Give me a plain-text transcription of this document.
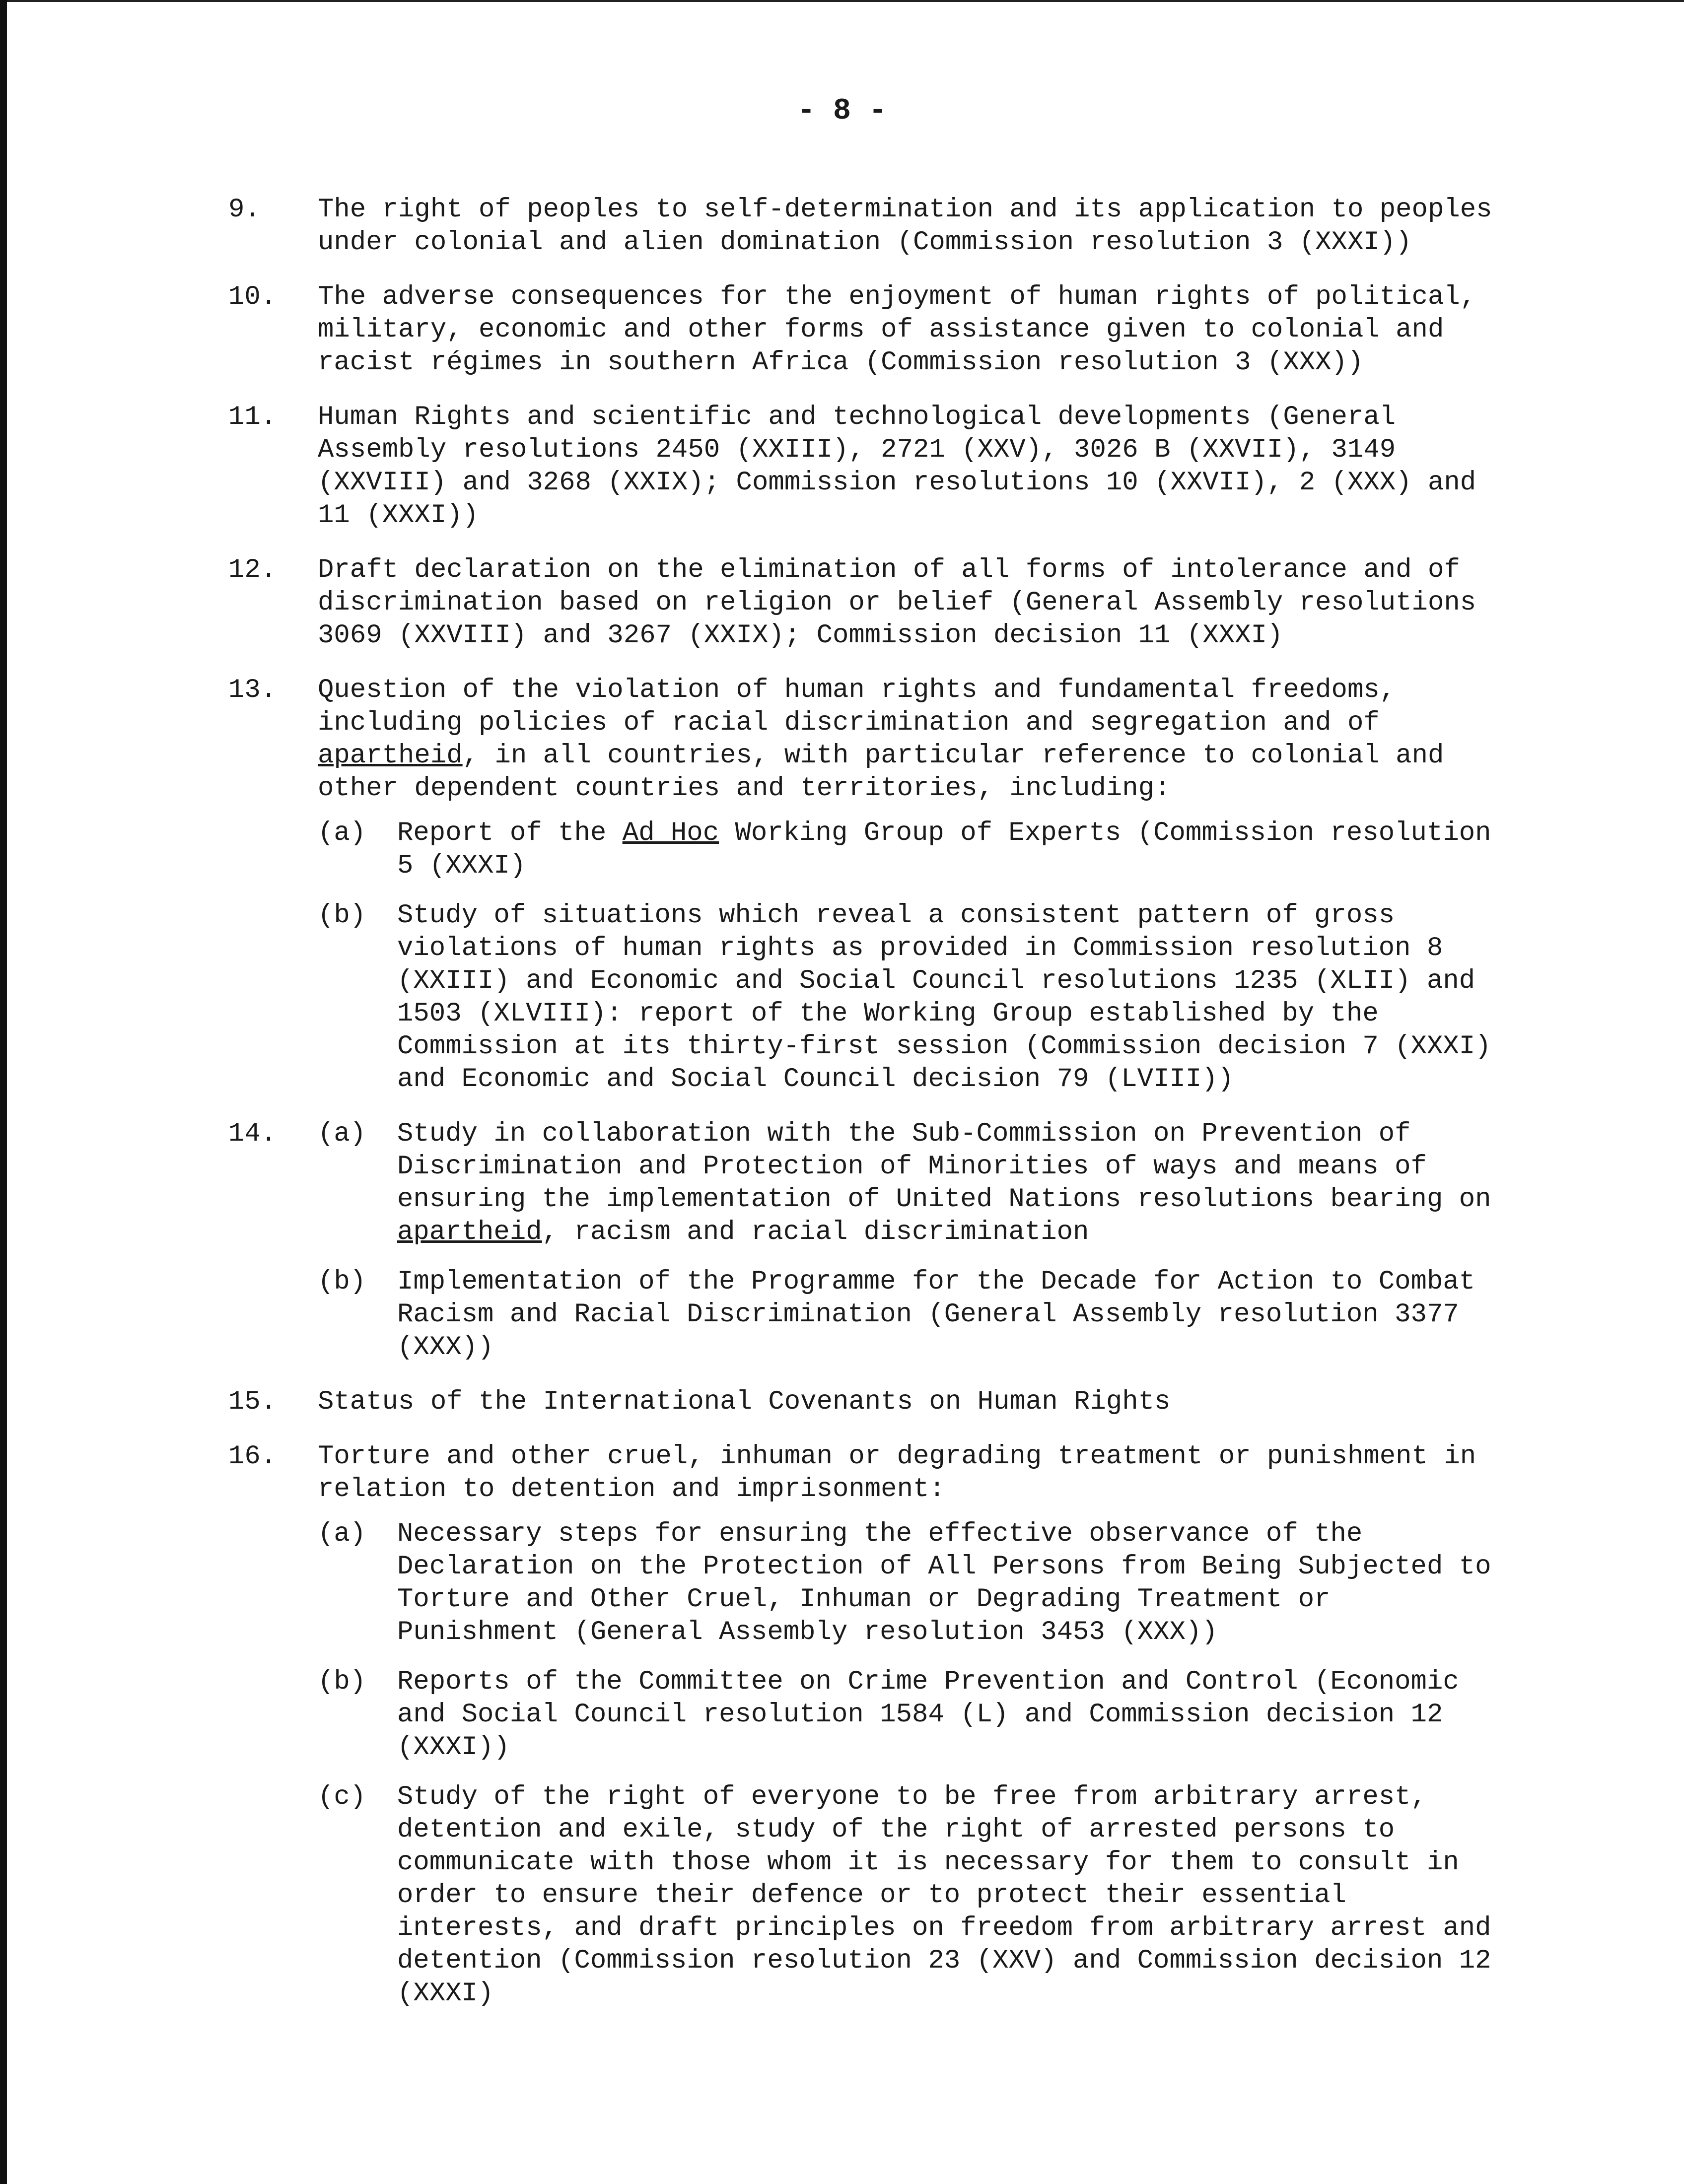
- 8 -
9. The right of peoples to self-determination and its application to peoples under colonial and alien domination (Commission resolution 3 (XXXI))
10. The adverse consequences for the enjoyment of human rights of political, military, economic and other forms of assistance given to colonial and racist régimes in southern Africa (Commission resolution 3 (XXX))
11. Human Rights and scientific and technological developments (General Assembly resolutions 2450 (XXIII), 2721 (XXV), 3026 B (XXVII), 3149 (XXVIII) and 3268 (XXIX); Commission resolutions 10 (XXVII), 2 (XXX) and 11 (XXXI))
12. Draft declaration on the elimination of all forms of intolerance and of discrimination based on religion or belief (General Assembly resolutions 3069 (XXVIII) and 3267 (XXIX); Commission decision 11 (XXXI)
13. Question of the violation of human rights and fundamental freedoms, including policies of racial discrimination and segregation and of apartheid, in all countries, with particular reference to colonial and other dependent countries and territories, including:
(a) Report of the Ad Hoc Working Group of Experts (Commission resolution 5 (XXXI)
(b) Study of situations which reveal a consistent pattern of gross violations of human rights as provided in Commission resolution 8 (XXIII) and Economic and Social Council resolutions 1235 (XLII) and 1503 (XLVIII): report of the Working Group established by the Commission at its thirty-first session (Commission decision 7 (XXXI) and Economic and Social Council decision 79 (LVIII))
14. (a) Study in collaboration with the Sub-Commission on Prevention of Discrimination and Protection of Minorities of ways and means of ensuring the implementation of United Nations resolutions bearing on apartheid, racism and racial discrimination
(b) Implementation of the Programme for the Decade for Action to Combat Racism and Racial Discrimination (General Assembly resolution 3377 (XXX))
15. Status of the International Covenants on Human Rights
16. Torture and other cruel, inhuman or degrading treatment or punishment in relation to detention and imprisonment:
(a) Necessary steps for ensuring the effective observance of the Declaration on the Protection of All Persons from Being Subjected to Torture and Other Cruel, Inhuman or Degrading Treatment or Punishment (General Assembly resolution 3453 (XXX))
(b) Reports of the Committee on Crime Prevention and Control (Economic and Social Council resolution 1584 (L) and Commission decision 12 (XXXI))
(c) Study of the right of everyone to be free from arbitrary arrest, detention and exile, study of the right of arrested persons to communicate with those whom it is necessary for them to consult in order to ensure their defence or to protect their essential interests, and draft principles on freedom from arbitrary arrest and detention (Commission resolution 23 (XXV) and Commission decision 12 (XXXI)
